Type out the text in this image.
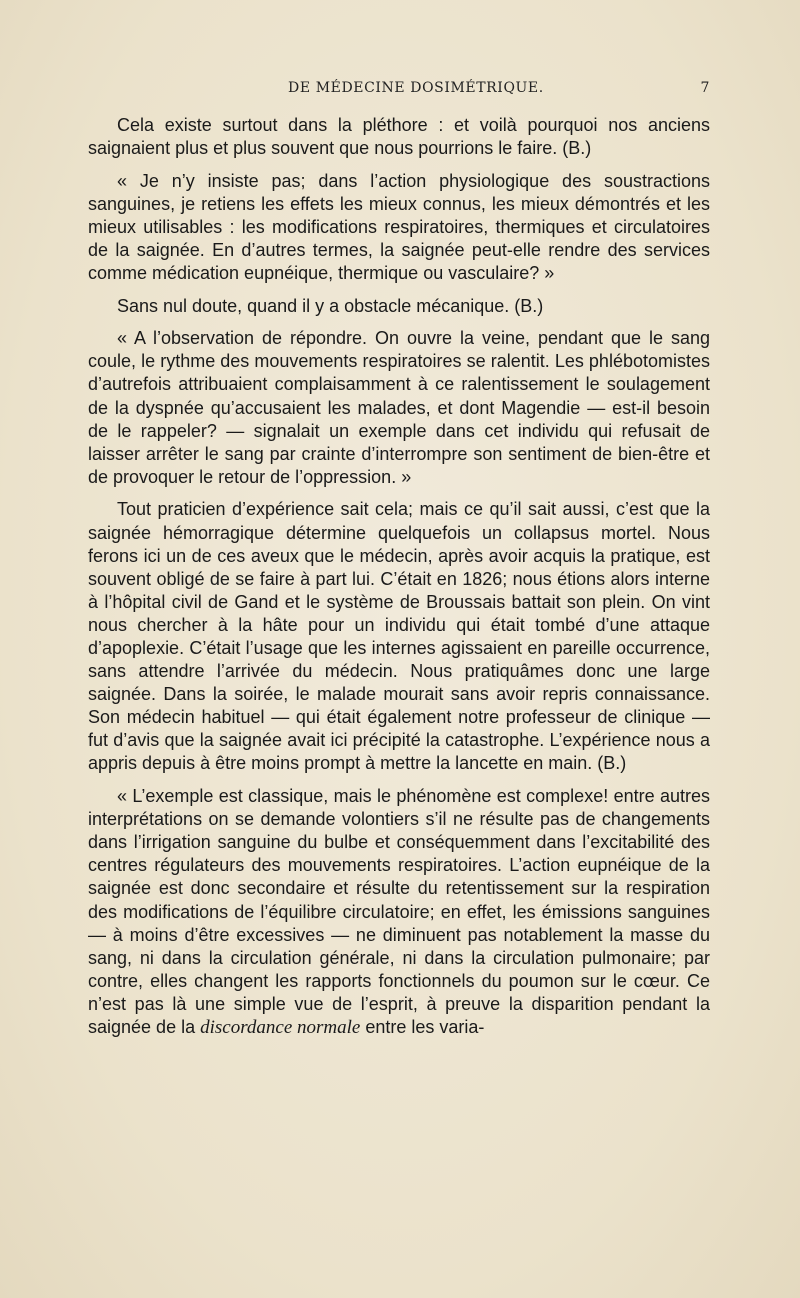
DE MÉDECINE DOSIMÉTRIQUE.	7

Cela existe surtout dans la pléthore : et voilà pourquoi nos anciens saignaient plus et plus souvent que nous pourrions le faire. (B.)

« Je n’y insiste pas; dans l’action physiologique des soustractions sanguines, je retiens les effets les mieux connus, les mieux démontrés et les mieux utilisables : les modifications respiratoires, thermiques et circulatoires de la saignée. En d’autres termes, la saignée peut-elle rendre des services comme médication eupnéique, thermique ou vasculaire? »

Sans nul doute, quand il y a obstacle mécanique. (B.)

« A l’observation de répondre. On ouvre la veine, pendant que le sang coule, le rythme des mouvements respiratoires se ralentit. Les phlébotomistes d’autrefois attribuaient complaisamment à ce ralentissement le soulagement de la dyspnée qu’accusaient les malades, et dont Magendie — est-il besoin de le rappeler? — signalait un exemple dans cet individu qui refusait de laisser arrêter le sang par crainte d’interrompre son sentiment de bien-être et de provoquer le retour de l’oppression. »

Tout praticien d’expérience sait cela; mais ce qu’il sait aussi, c’est que la saignée hémorragique détermine quelquefois un collapsus mortel. Nous ferons ici un de ces aveux que le médecin, après avoir acquis la pratique, est souvent obligé de se faire à part lui. C’était en 1826; nous étions alors interne à l’hôpital civil de Gand et le système de Broussais battait son plein. On vint nous chercher à la hâte pour un individu qui était tombé d’une attaque d’apoplexie. C’était l’usage que les internes agissaient en pareille occurrence, sans attendre l’arrivée du médecin. Nous pratiquâmes donc une large saignée. Dans la soirée, le malade mourait sans avoir repris connaissance. Son médecin habituel — qui était également notre professeur de clinique — fut d’avis que la saignée avait ici précipité la catastrophe. L’expérience nous a appris depuis à être moins prompt à mettre la lancette en main. (B.)

« L’exemple est classique, mais le phénomène est complexe! entre autres interprétations on se demande volontiers s’il ne résulte pas de changements dans l’irrigation sanguine du bulbe et conséquemment dans l’excitabilité des centres régulateurs des mouvements respiratoires. L’action eupnéique de la saignée est donc secondaire et résulte du retentissement sur la respiration des modifications de l’équilibre circulatoire; en effet, les émissions sanguines — à moins d’être excessives — ne diminuent pas notablement la masse du sang, ni dans la circulation générale, ni dans la circulation pulmonaire; par contre, elles changent les rapports fonctionnels du poumon sur le cœur. Ce n’est pas là une simple vue de l’esprit, à preuve la disparition pendant la saignée de la discordance normale entre les varia-
